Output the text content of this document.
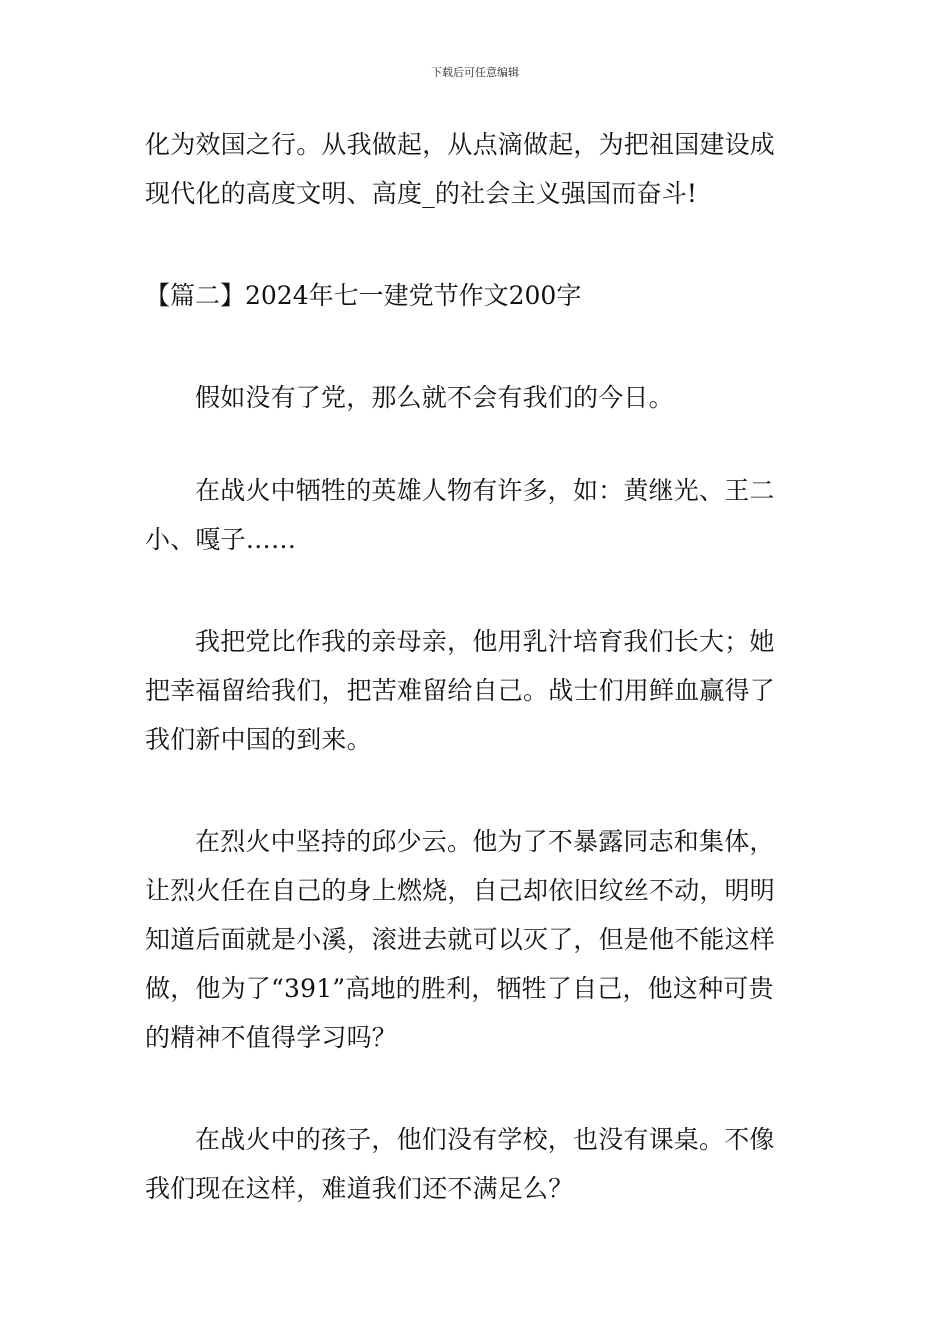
下载后可任意编辑
化为效国之行。从我做起，从点滴做起，为把祖国建设成
现代化的高度文明、高度_的社会主义强国而奋斗!
【篇二】2024年七一建党节作文200字
假如没有了党，那么就不会有我们的今日。
在战火中牺牲的英雄人物有许多，如：黄继光、王二
小、嘎子……
我把党比作我的亲母亲，他用乳汁培育我们长大；她
把幸福留给我们，把苦难留给自己。战士们用鲜血赢得了
我们新中国的到来。
在烈火中坚持的邱少云。他为了不暴露同志和集体，
让烈火任在自己的身上燃烧，自己却依旧纹丝不动，明明
知道后面就是小溪，滚进去就可以灭了，但是他不能这样
做，他为了“391”高地的胜利，牺牲了自己，他这种可贵
的精神不值得学习吗？
在战火中的孩子，他们没有学校，也没有课桌。不像
我们现在这样，难道我们还不满足么？
